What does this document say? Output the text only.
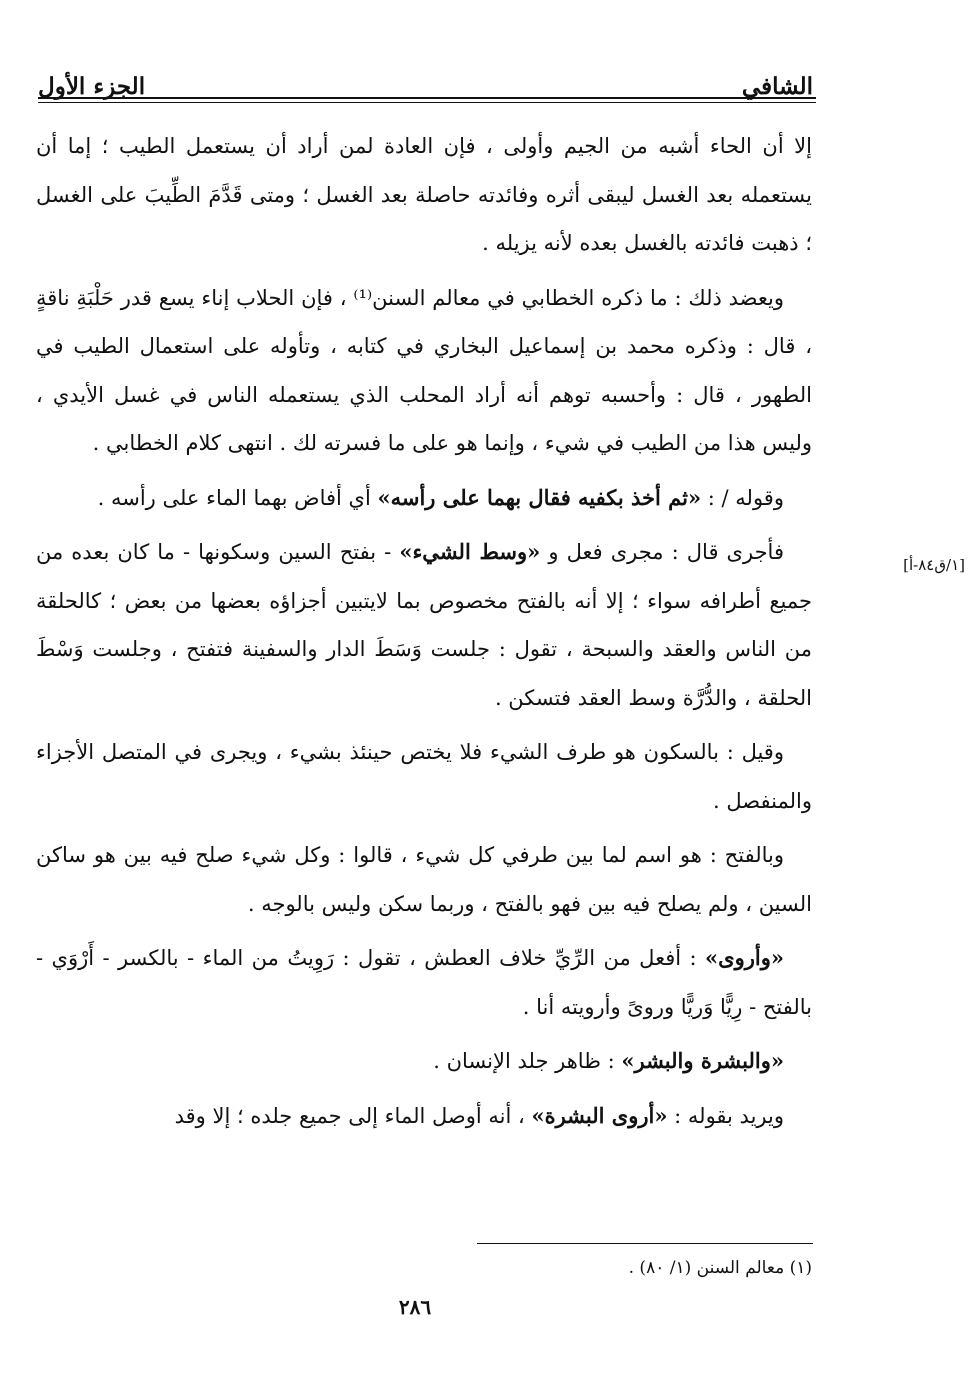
الشافي
الجزء الأول

إلا أن الحاء أشبه من الجيم وأولى ، فإن العادة لمن أراد أن يستعمل الطيب ؛ إما أن يستعمله بعد الغسل ليبقى أثره وفائدته حاصلة بعد الغسل ؛ ومتى قَدَّمَ الطِّيبَ على الغسل ؛ ذهبت فائدته بالغسل بعده لأنه يزيله .

ويعضد ذلك : ما ذكره الخطابي في معالم السنن⁽¹⁾ ، فإن الحلاب إناء يسع قدر حَلْبَةِ ناقةٍ ، قال : وذكره محمد بن إسماعيل البخاري في كتابه ، وتأوله على استعمال الطيب في الطهور ، قال : وأحسبه توهم أنه أراد المحلب الذي يستعمله الناس في غسل الأيدي ، وليس هذا من الطيب في شيء ، وإنما هو على ما فسرته لك . انتهى كلام الخطابي .

وقوله / : «ثم أخذ بكفيه فقال بهما على رأسه» أي أفاض بهما الماء على رأسه .

فأجرى قال : مجرى فعل و «وسط الشيء» - بفتح السين وسكونها - ما كان بعده من جميع أطرافه سواء ؛ إلا أنه بالفتح مخصوص بما لايتبين أجزاؤه بعضها من بعض ؛ كالحلقة من الناس والعقد والسبحة ، تقول : جلست وَسَطَ الدار والسفينة فتفتح ، وجلست وَسْطَ الحلقة ، والدُّرَّة وسط العقد فتسكن .

وقيل : بالسكون هو طرف الشيء فلا يختص حينئذ بشيء ، ويجرى في المتصل الأجزاء والمنفصل .

وبالفتح : هو اسم لما بين طرفي كل شيء ، قالوا : وكل شيء صلح فيه بين هو ساكن السين ، ولم يصلح فيه بين فهو بالفتح ، وربما سكن وليس بالوجه .

«وأروى» : أفعل من الرِّيِّ خلاف العطش ، تقول : رَوِيتُ من الماء - بالكسر - أَرْوَي - بالفتح - رِيًّا وَريًّا وروىً وأرويته أنا .

«والبشرة والبشر» : ظاهر جلد الإنسان .

ويريد بقوله : «أروى البشرة» ، أنه أوصل الماء إلى جميع جلده ؛ إلا وقد

[١/ق٨٤-أ]
(١) معالم السنن (١/ ٨٠) .
٢٨٦
